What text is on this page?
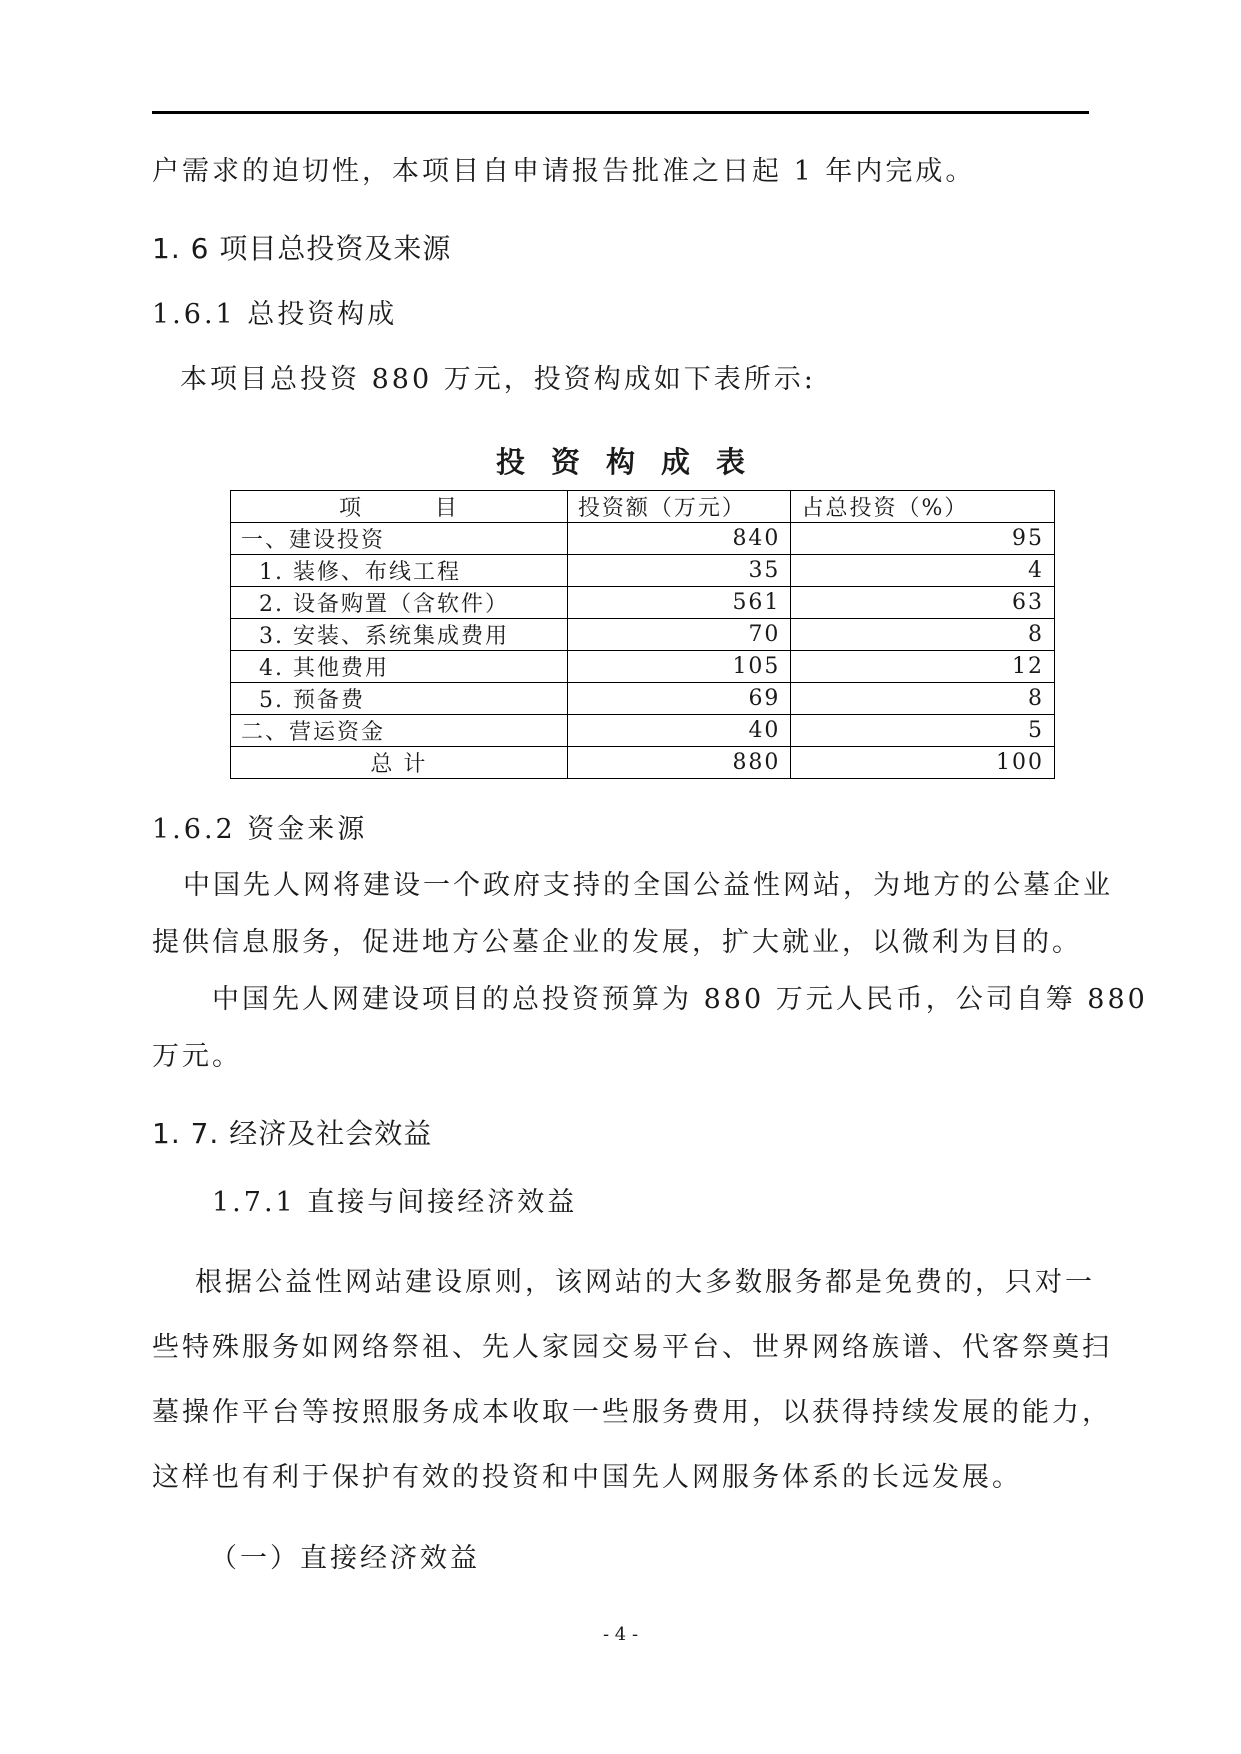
户需求的迫切性，本项目自申请报告批准之日起 1 年内完成。
1. 6 项目总投资及来源
1.6.1 总投资构成
本项目总投资 880 万元，投资构成如下表所示:
投 资 构 成 表
项        目	投资额（万元）	占总投资（%）
一、建设投资	840	95
1. 装修、布线工程	35	4
2. 设备购置（含软件）	561	63
3. 安装、系统集成费用	70	8
4. 其他费用	105	12
5. 预备费	69	8
二、营运资金	40	5
总 计	880	100
1.6.2 资金来源
中国先人网将建设一个政府支持的全国公益性网站，为地方的公墓企业
提供信息服务，促进地方公墓企业的发展，扩大就业，以微利为目的。
中国先人网建设项目的总投资预算为 880 万元人民币，公司自筹 880
万元。
1. 7. 经济及社会效益
1.7.1 直接与间接经济效益
根据公益性网站建设原则，该网站的大多数服务都是免费的，只对一
些特殊服务如网络祭祖、先人家园交易平台、世界网络族谱、代客祭奠扫
墓操作平台等按照服务成本收取一些服务费用，以获得持续发展的能力，
这样也有利于保护有效的投资和中国先人网服务体系的长远发展。
（一）直接经济效益
- 4 -
